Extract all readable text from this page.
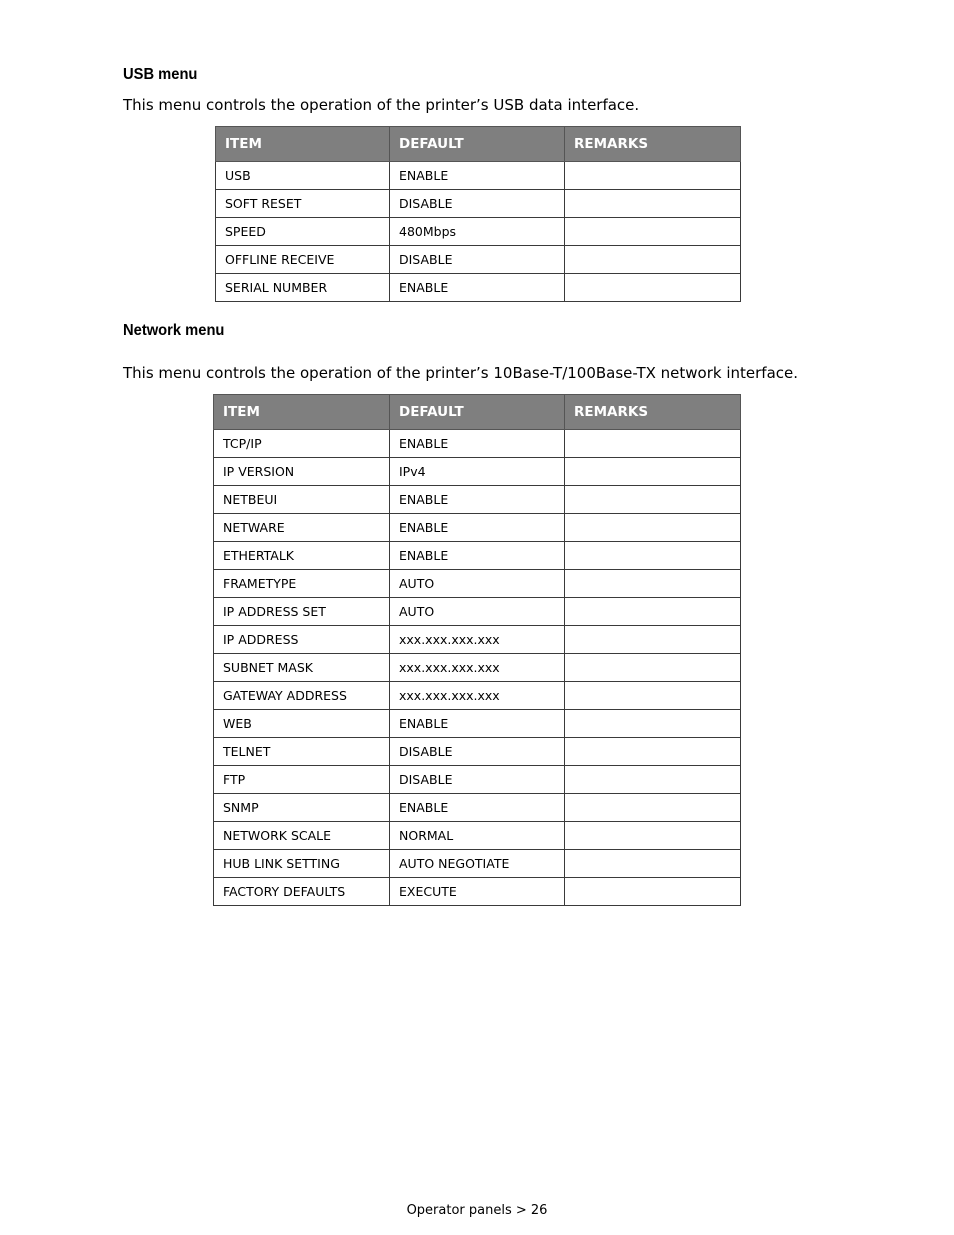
USB menu

This menu controls the operation of the printer’s USB data interface.

ITEM	DEFAULT	REMARKS
USB	ENABLE	
SOFT RESET	DISABLE	
SPEED	480Mbps	
OFFLINE RECEIVE	DISABLE	
SERIAL NUMBER	ENABLE	
Network menu

This menu controls the operation of the printer’s 10Base-T/100Base-TX network interface.

ITEM	DEFAULT	REMARKS
TCP/IP	ENABLE	
IP VERSION	IPv4	
NETBEUI	ENABLE	
NETWARE	ENABLE	
ETHERTALK	ENABLE	
FRAMETYPE	AUTO	
IP ADDRESS SET	AUTO	
IP ADDRESS	xxx.xxx.xxx.xxx	
SUBNET MASK	xxx.xxx.xxx.xxx	
GATEWAY ADDRESS	xxx.xxx.xxx.xxx	
WEB	ENABLE	
TELNET	DISABLE	
FTP	DISABLE	
SNMP	ENABLE	
NETWORK SCALE	NORMAL	
HUB LINK SETTING	AUTO NEGOTIATE	
FACTORY DEFAULTS	EXECUTE	
Operator panels > 26
